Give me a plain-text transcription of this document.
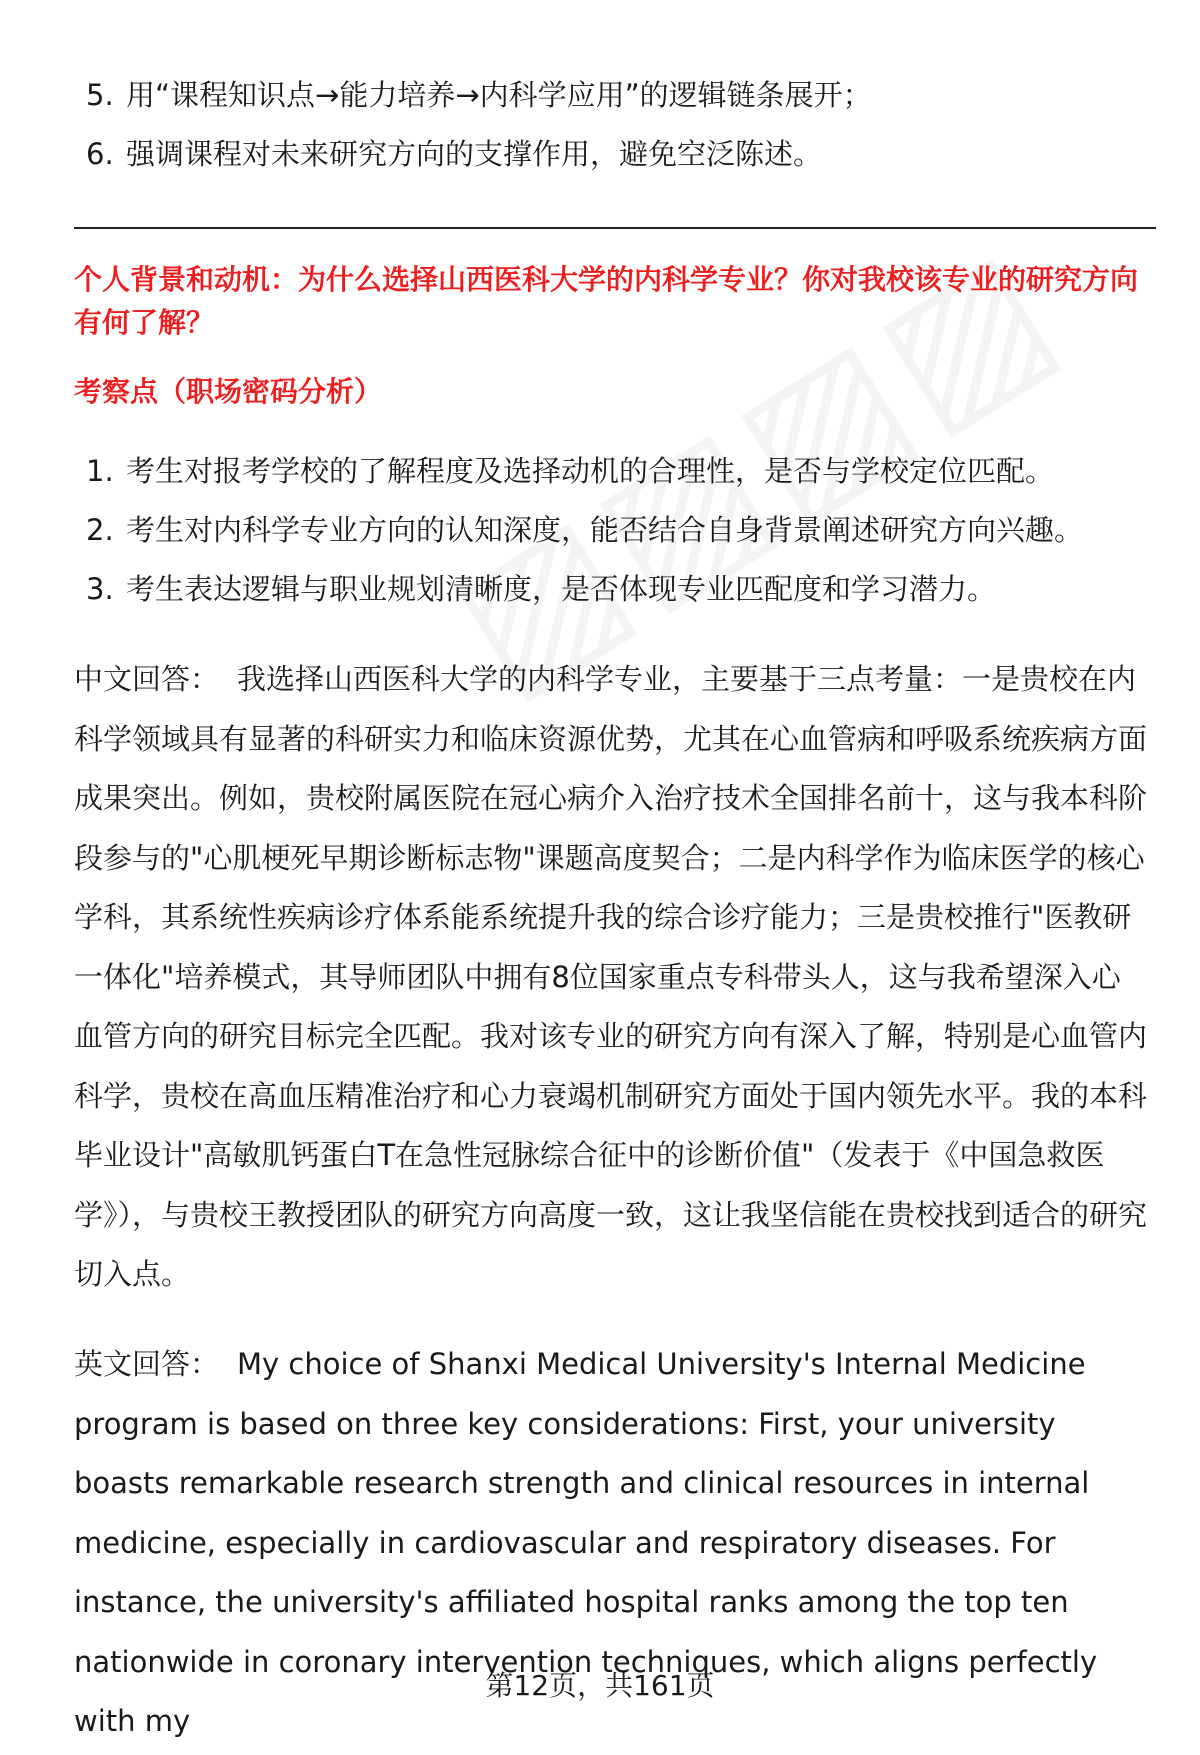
5. 用“课程知识点→能力培养→内科学应用”的逻辑链条展开；
6. 强调课程对未来研究方向的支撑作用，避免空泛陈述。
个人背景和动机：为什么选择山西医科大学的内科学专业？你对我校该专业的研究方向有何了解？
考察点（职场密码分析）
1. 考生对报考学校的了解程度及选择动机的合理性，是否与学校定位匹配。
2. 考生对内科学专业方向的认知深度，能否结合自身背景阐述研究方向兴趣。
3. 考生表达逻辑与职业规划清晰度，是否体现专业匹配度和学习潜力。

中文回答： 我选择山西医科大学的内科学专业，主要基于三点考量：一是贵校在内科学领域具有显著的科研实力和临床资源优势，尤其在心血管病和呼吸系统疾病方面成果突出。例如，贵校附属医院在冠心病介入治疗技术全国排名前十，这与我本科阶段参与的"心肌梗死早期诊断标志物"课题高度契合；二是内科学作为临床医学的核心学科，其系统性疾病诊疗体系能系统提升我的综合诊疗能力；三是贵校推行"医教研一体化"培养模式，其导师团队中拥有8位国家重点专科带头人，这与我希望深入心血管方向的研究目标完全匹配。我对该专业的研究方向有深入了解，特别是心血管内科学，贵校在高血压精准治疗和心力衰竭机制研究方面处于国内领先水平。我的本科毕业设计"高敏肌钙蛋白T在急性冠脉综合征中的诊断价值"（发表于《中国急救医学》），与贵校王教授团队的研究方向高度一致，这让我坚信能在贵校找到适合的研究切入点。

英文回答： My choice of Shanxi Medical University's Internal Medicine program is based on three key considerations: First, your university boasts remarkable research strength and clinical resources in internal medicine, especially in cardiovascular and respiratory diseases. For instance, the university's affiliated hospital ranks among the top ten nationwide in coronary intervention techniques, which aligns perfectly with my

第12页，共161页
